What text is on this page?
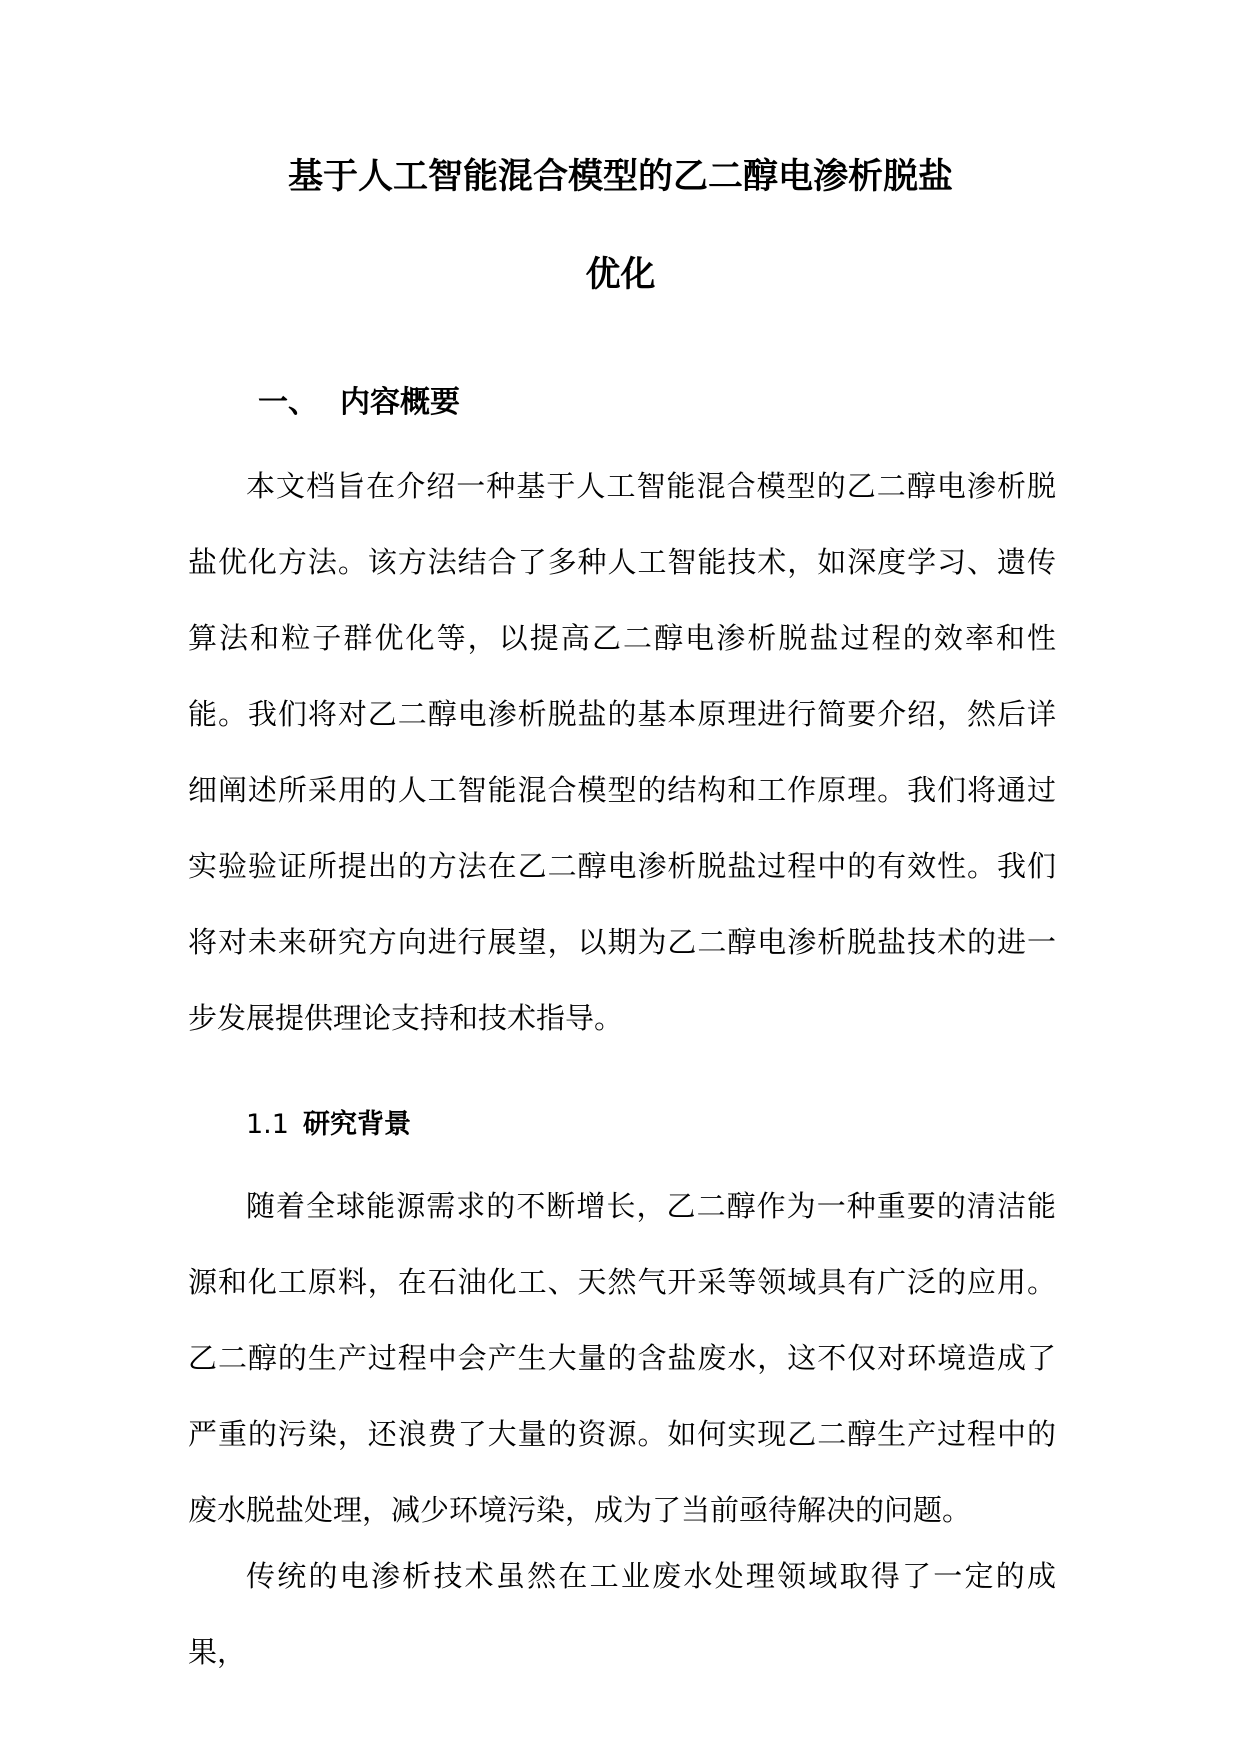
基于人工智能混合模型的乙二醇电渗析脱盐
优化
一、 内容概要

本文档旨在介绍一种基于人工智能混合模型的乙二醇电渗析脱盐优化方法。该方法结合了多种人工智能技术，如深度学习、遗传算法和粒子群优化等，以提高乙二醇电渗析脱盐过程的效率和性能。我们将对乙二醇电渗析脱盐的基本原理进行简要介绍，然后详细阐述所采用的人工智能混合模型的结构和工作原理。我们将通过实验验证所提出的方法在乙二醇电渗析脱盐过程中的有效性。我们将对未来研究方向进行展望，以期为乙二醇电渗析脱盐技术的进一步发展提供理论支持和技术指导。

1.1 研究背景

随着全球能源需求的不断增长，乙二醇作为一种重要的清洁能源和化工原料，在石油化工、天然气开采等领域具有广泛的应用。乙二醇的生产过程中会产生大量的含盐废水，这不仅对环境造成了严重的污染，还浪费了大量的资源。如何实现乙二醇生产过程中的废水脱盐处理，减少环境污染，成为了当前亟待解决的问题。

传统的电渗析技术虽然在工业废水处理领域取得了一定的成果，
